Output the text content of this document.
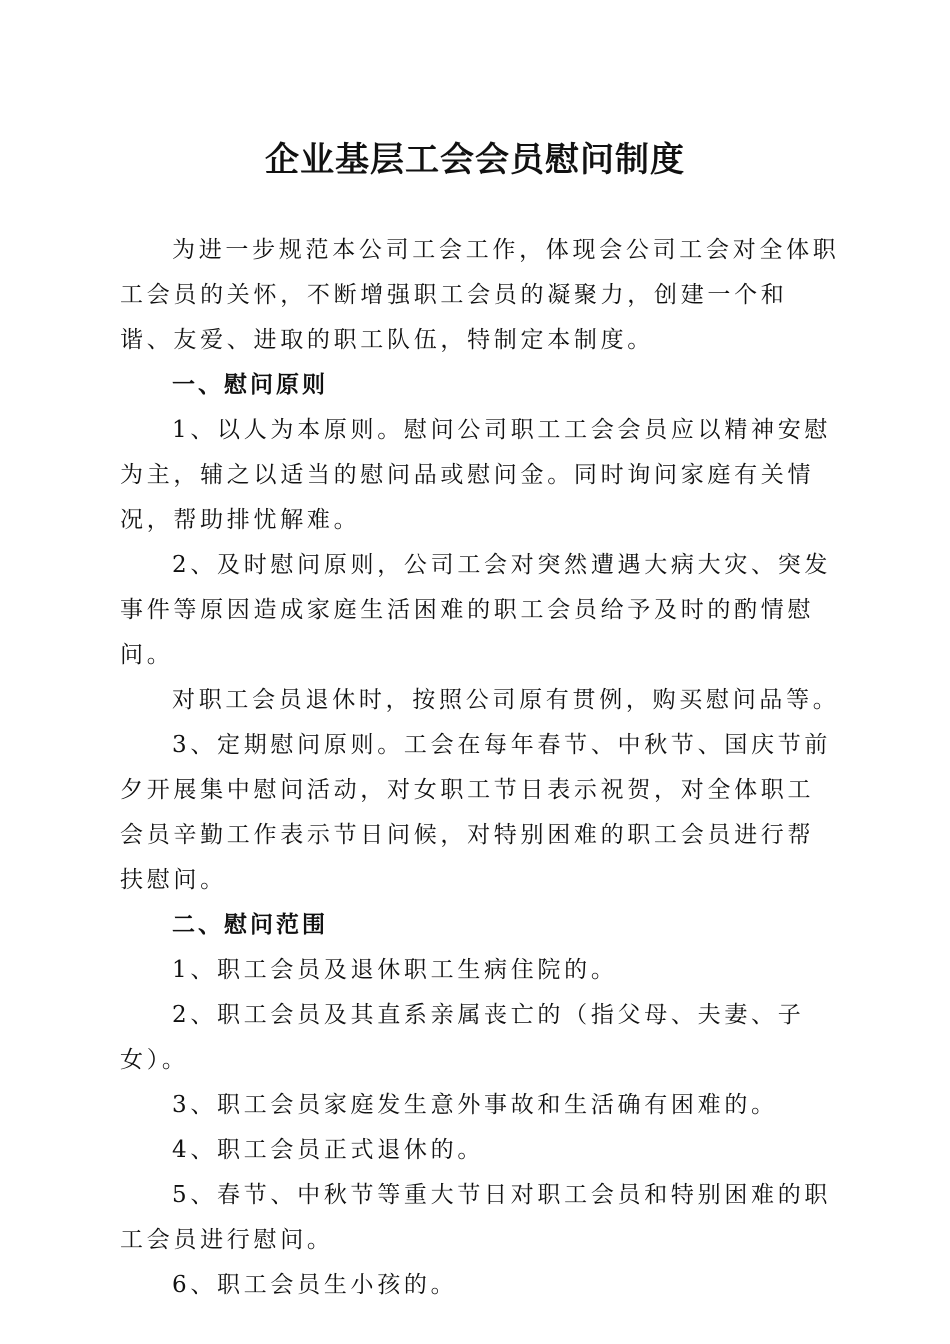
企业基层工会会员慰问制度

为进一步规范本公司工会工作，体现会公司工会对全体职工会员的关怀，不断增强职工会员的凝聚力，创建一个和谐、友爱、进取的职工队伍，特制定本制度。

一、慰问原则

1、以人为本原则。慰问公司职工工会会员应以精神安慰为主，辅之以适当的慰问品或慰问金。同时询问家庭有关情况，帮助排忧解难。

2、及时慰问原则，公司工会对突然遭遇大病大灾、突发事件等原因造成家庭生活困难的职工会员给予及时的酌情慰问。

对职工会员退休时，按照公司原有贯例，购买慰问品等。

3、定期慰问原则。工会在每年春节、中秋节、国庆节前夕开展集中慰问活动，对女职工节日表示祝贺，对全体职工会员辛勤工作表示节日问候，对特别困难的职工会员进行帮扶慰问。

二、慰问范围

1、职工会员及退休职工生病住院的。

2、职工会员及其直系亲属丧亡的（指父母、夫妻、子女）。

3、职工会员家庭发生意外事故和生活确有困难的。

4、职工会员正式退休的。

5、春节、中秋节等重大节日对职工会员和特别困难的职工会员进行慰问。

6、职工会员生小孩的。
